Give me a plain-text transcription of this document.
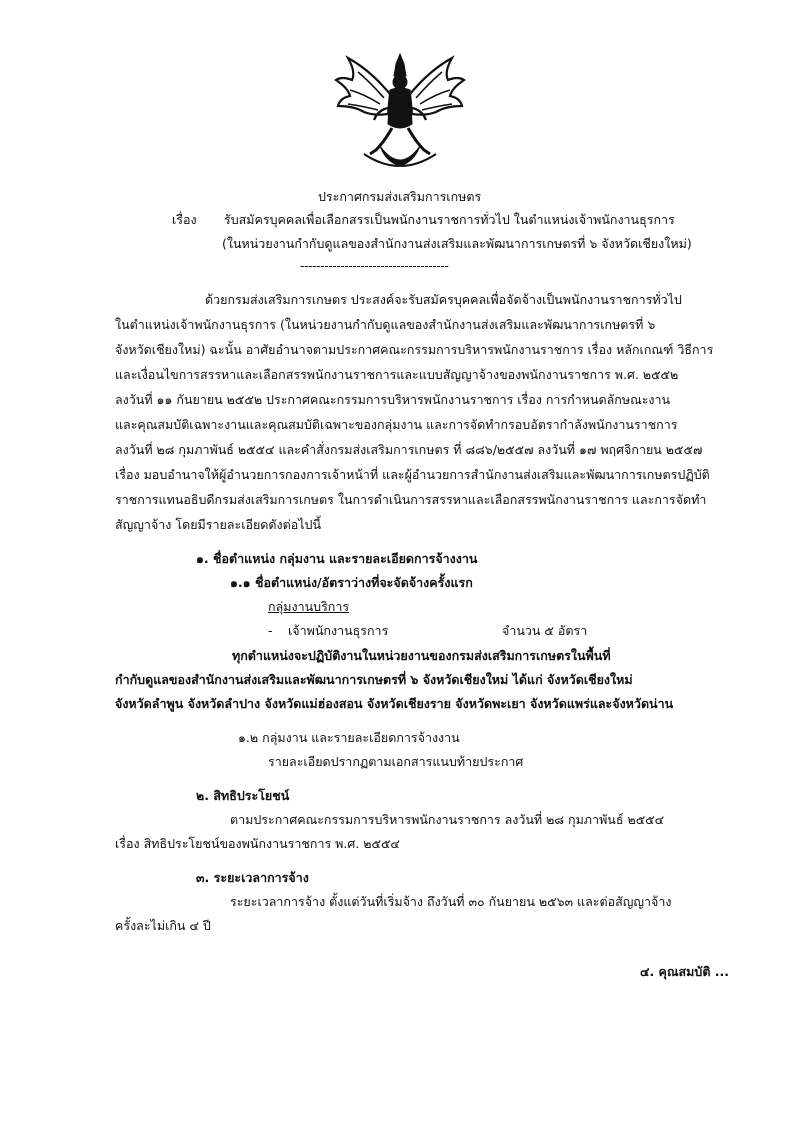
ประกาศกรมส่งเสริมการเกษตร
เรื่อง รับสมัครบุคคลเพื่อเลือกสรรเป็นพนักงานราชการทั่วไป ในตำแหน่งเจ้าพนักงานธุรการ
(ในหน่วยงานกำกับดูแลของสำนักงานส่งเสริมและพัฒนาการเกษตรที่ ๖ จังหวัดเชียงใหม่)
-------------------------------------
ด้วยกรมส่งเสริมการเกษตร ประสงค์จะรับสมัครบุคคลเพื่อจัดจ้างเป็นพนักงานราชการทั่วไป
ในตำแหน่งเจ้าพนักงานธุรการ (ในหน่วยงานกำกับดูแลของสำนักงานส่งเสริมและพัฒนาการเกษตรที่ ๖
จังหวัดเชียงใหม่) ฉะนั้น อาศัยอำนาจตามประกาศคณะกรรมการบริหารพนักงานราชการ เรื่อง หลักเกณฑ์ วิธีการ
และเงื่อนไขการสรรหาและเลือกสรรพนักงานราชการและแบบสัญญาจ้างของพนักงานราชการ พ.ศ. ๒๕๕๒
ลงวันที่ ๑๑ กันยายน ๒๕๕๒ ประกาศคณะกรรมการบริหารพนักงานราชการ เรื่อง การกำหนดลักษณะงาน
และคุณสมบัติเฉพาะงานและคุณสมบัติเฉพาะของกลุ่มงาน และการจัดทำกรอบอัตรากำลังพนักงานราชการ
ลงวันที่ ๒๘ กุมภาพันธ์ ๒๕๕๔ และคำสั่งกรมส่งเสริมการเกษตร ที่ ๘๘๖/๒๕๕๗ ลงวันที่ ๑๗ พฤศจิกายน ๒๕๕๗
เรื่อง มอบอำนาจให้ผู้อำนวยการกองการเจ้าหน้าที่ และผู้อำนวยการสำนักงานส่งเสริมและพัฒนาการเกษตรปฏิบัติ
ราชการแทนอธิบดีกรมส่งเสริมการเกษตร ในการดำเนินการสรรหาและเลือกสรรพนักงานราชการ และการจัดทำ
สัญญาจ้าง โดยมีรายละเอียดดังต่อไปนี้
๑. ชื่อตำแหน่ง กลุ่มงาน และรายละเอียดการจ้างงาน
๑.๑ ชื่อตำแหน่ง/อัตราว่างที่จะจัดจ้างครั้งแรก
กลุ่มงานบริการ
- เจ้าพนักงานธุรการ	จำนวน ๕ อัตรา
ทุกตำแหน่งจะปฏิบัติงานในหน่วยงานของกรมส่งเสริมการเกษตรในพื้นที่
กำกับดูแลของสำนักงานส่งเสริมและพัฒนาการเกษตรที่ ๖ จังหวัดเชียงใหม่ ได้แก่ จังหวัดเชียงใหม่
จังหวัดลำพูน จังหวัดลำปาง จังหวัดแม่ฮ่องสอน จังหวัดเชียงราย จังหวัดพะเยา จังหวัดแพร่และจังหวัดน่าน
๑.๒ กลุ่มงาน และรายละเอียดการจ้างงาน
รายละเอียดปรากฏตามเอกสารแนบท้ายประกาศ
๒. สิทธิประโยชน์
ตามประกาศคณะกรรมการบริหารพนักงานราชการ ลงวันที่ ๒๘ กุมภาพันธ์ ๒๕๕๔
เรื่อง สิทธิประโยชน์ของพนักงานราชการ พ.ศ. ๒๕๕๔
๓. ระยะเวลาการจ้าง
ระยะเวลาการจ้าง ตั้งแต่วันที่เริ่มจ้าง ถึงวันที่ ๓๐ กันยายน ๒๕๖๓ และต่อสัญญาจ้าง
ครั้งละไม่เกิน ๔ ปี
๔. คุณสมบัติ ...
